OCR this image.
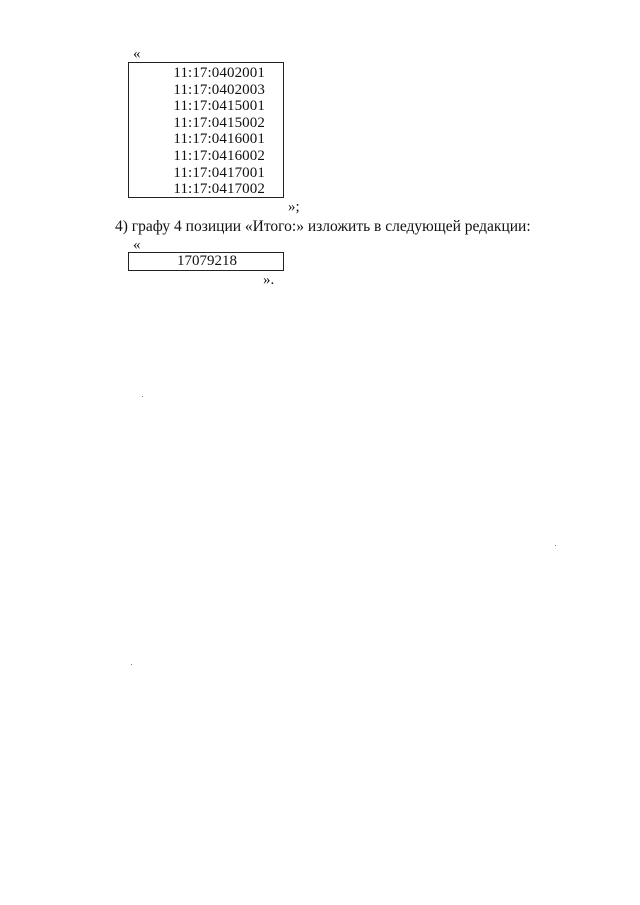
«
11:17:0402001
11:17:0402003
11:17:0415001
11:17:0415002
11:17:0416001
11:17:0416002
11:17:0417001
11:17:0417002
»;
4) графу 4 позиции «Итого:» изложить в следующей редакции:
«
17079218
».
